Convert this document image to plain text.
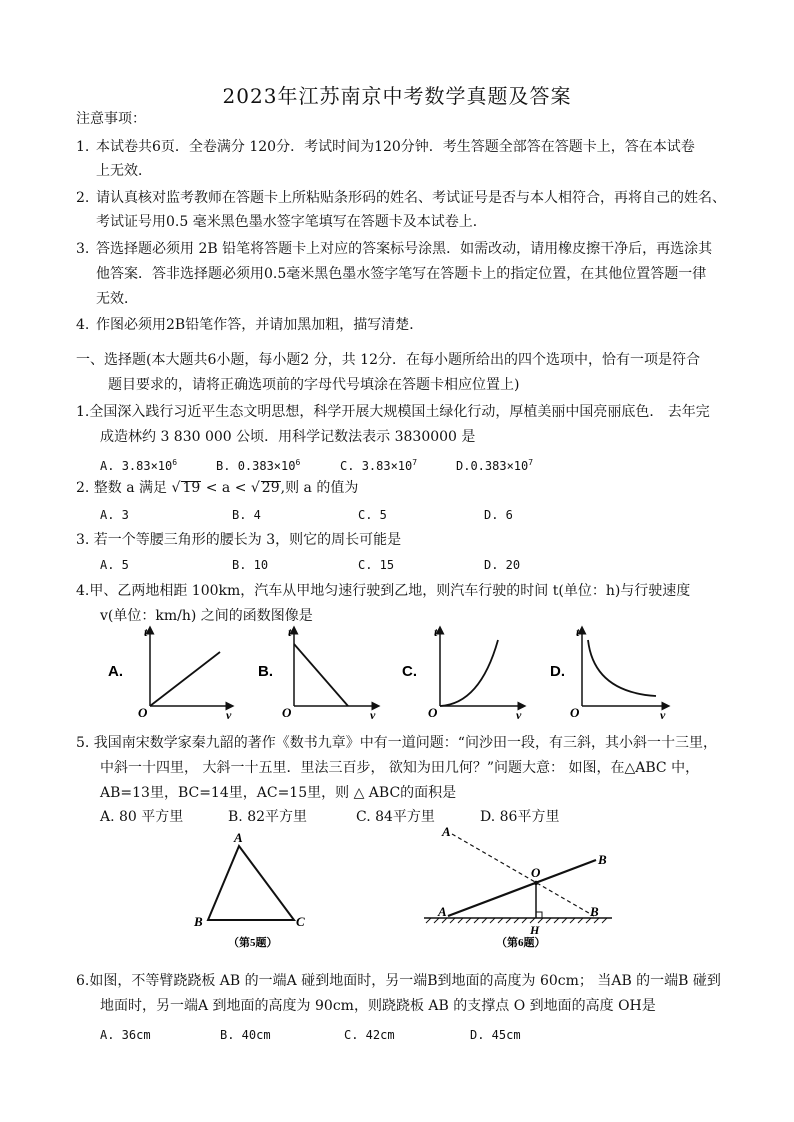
2023年江苏南京中考数学真题及答案
注意事项：
1. 本试卷共6页．全卷满分 120分．考试时间为120分钟．考生答题全部答在答题卡上，答在本试卷
上无效．
2. 请认真核对监考教师在答题卡上所粘贴条形码的姓名、考试证号是否与本人相符合，再将自己的姓名、
考试证号用0.5 毫米黑色墨水签字笔填写在答题卡及本试卷上．
3. 答选择题必须用 2B 铅笔将答题卡上对应的答案标号涂黑．如需改动，请用橡皮擦干净后，再选涂其
他答案．答非选择题必须用0.5毫米黑色墨水签字笔写在答题卡上的指定位置，在其他位置答题一律
无效．
4. 作图必须用2B铅笔作答，并请加黑加粗，描写清楚．
一、选择题(本大题共6小题，每小题2 分，共 12分．在每小题所给出的四个选项中，恰有一项是符合
题目要求的，请将正确选项前的字母代号填涂在答题卡相应位置上)
1.全国深入践行习近平生态文明思想，科学开展大规模国土绿化行动，厚植美丽中国亮丽底色． 去年完
成造林约 3 830 000 公顷．用科学记数法表示 3830000 是
A. $3.83\times 10^6$	B. $0.383\times 10^6$	C. $3.83\times 10^7$	$D.0.383\times 10^7$
2. 整数 a 满足 √ 19 < a < √ 29,则 a 的值为
A. 3	B. 4	C. 5	D. 6
3. 若一个等腰三角形的腰长为 3，则它的周长可能是
A. 5	B. 10	C. 15	D. 20
4.甲、乙两地相距 100km，汽车从甲地匀速行驶到乙地，则汽车行驶的时间 t(单位：h)与行驶速度
v(单位：km/h) 之间的函数图像是
A.
t
v
O
B.
t
v
O
C.
t
v
O
D.
t
v
O
5. 我国南宋数学家秦九韶的著作《数书九章》中有一道问题：“问沙田一段，有三斜，其小斜一十三里，
中斜一十四里， 大斜一十五里．里法三百步， 欲知为田几何？”问题大意： 如图，在△ABC 中，
AB=13里，BC=14里，AC=15里，则 △ ABC的面积是
A. 80 平方里	B. 82平方里	C. 84平方里	D. 86平方里
A
B	C
（第5题）
A
A
B
B
O
H
（第6题）
6.如图，不等臂跷跷板 AB 的一端A 碰到地面时，另一端B到地面的高度为 60cm； 当AB 的一端B 碰到
地面时，另一端A 到地面的高度为 90cm，则跷跷板 AB 的支撑点 O 到地面的高度 OH是
A. 36cm	B. 40cm	C. 42cm	D. 45cm
